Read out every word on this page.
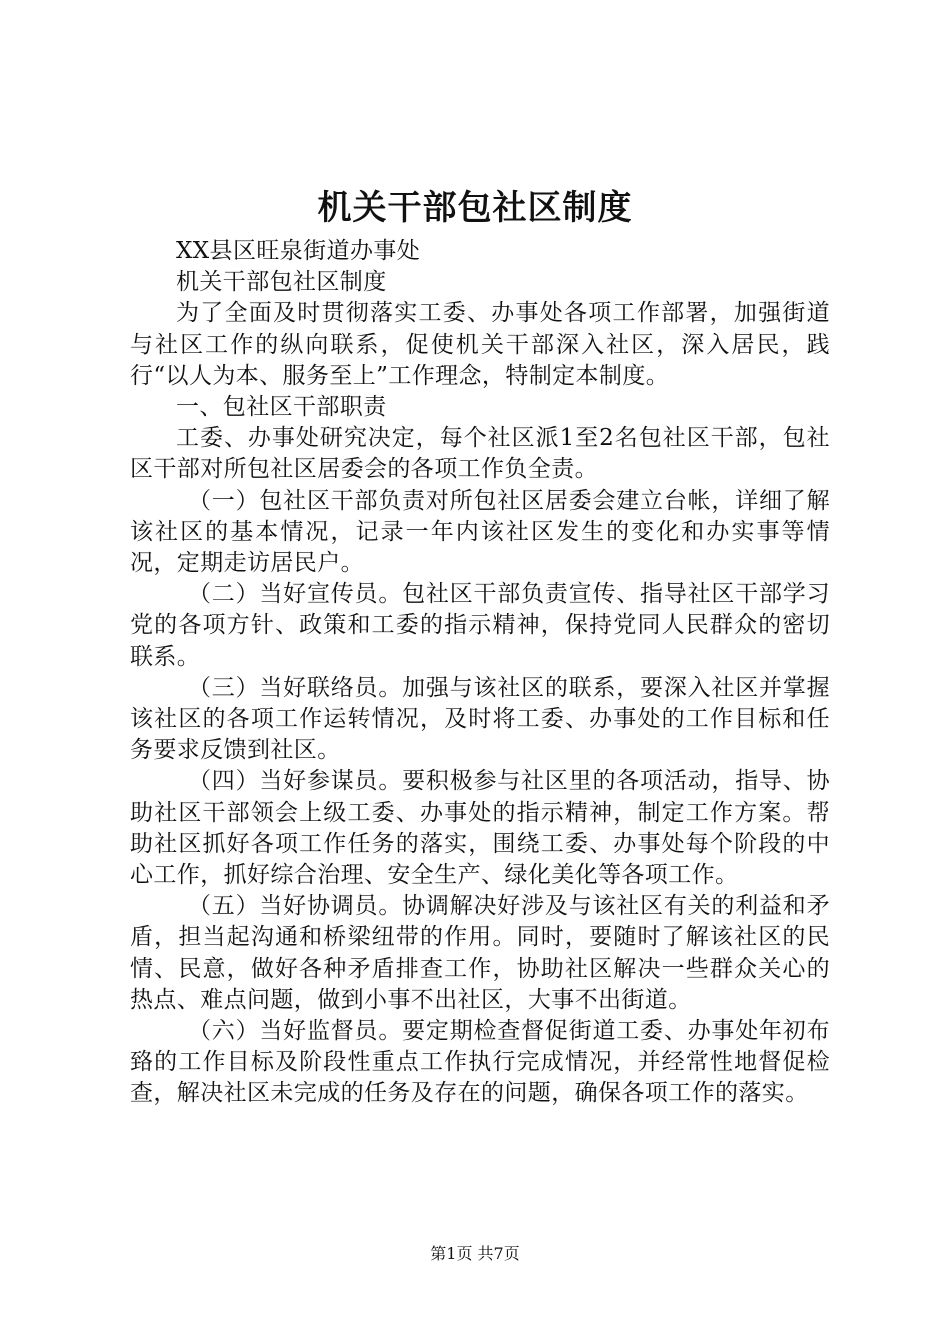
机关干部包社区制度

XX县区旺泉街道办事处

机关干部包社区制度

为了全面及时贯彻落实工委、办事处各项工作部署，加强街道与社区工作的纵向联系，促使机关干部深入社区，深入居民，践行“以人为本、服务至上”工作理念，特制定本制度。

一、包社区干部职责

工委、办事处研究决定，每个社区派1至2名包社区干部，包社区干部对所包社区居委会的各项工作负全责。

（一）包社区干部负责对所包社区居委会建立台帐，详细了解该社区的基本情况，记录一年内该社区发生的变化和办实事等情况，定期走访居民户。

（二）当好宣传员。包社区干部负责宣传、指导社区干部学习党的各项方针、政策和工委的指示精神，保持党同人民群众的密切联系。

（三）当好联络员。加强与该社区的联系，要深入社区并掌握该社区的各项工作运转情况，及时将工委、办事处的工作目标和任务要求反馈到社区。

（四）当好参谋员。要积极参与社区里的各项活动，指导、协助社区干部领会上级工委、办事处的指示精神，制定工作方案。帮助社区抓好各项工作任务的落实，围绕工委、办事处每个阶段的中心工作，抓好综合治理、安全生产、绿化美化等各项工作。

（五）当好协调员。协调解决好涉及与该社区有关的利益和矛盾，担当起沟通和桥梁纽带的作用。同时，要随时了解该社区的民情、民意，做好各种矛盾排查工作，协助社区解决一些群众关心的热点、难点问题，做到小事不出社区，大事不出街道。

（六）当好监督员。要定期检查督促街道工委、办事处年初布臵的工作目标及阶段性重点工作执行完成情况，并经常性地督促检查，解决社区未完成的任务及存在的问题，确保各项工作的落实。

第1页 共7页
